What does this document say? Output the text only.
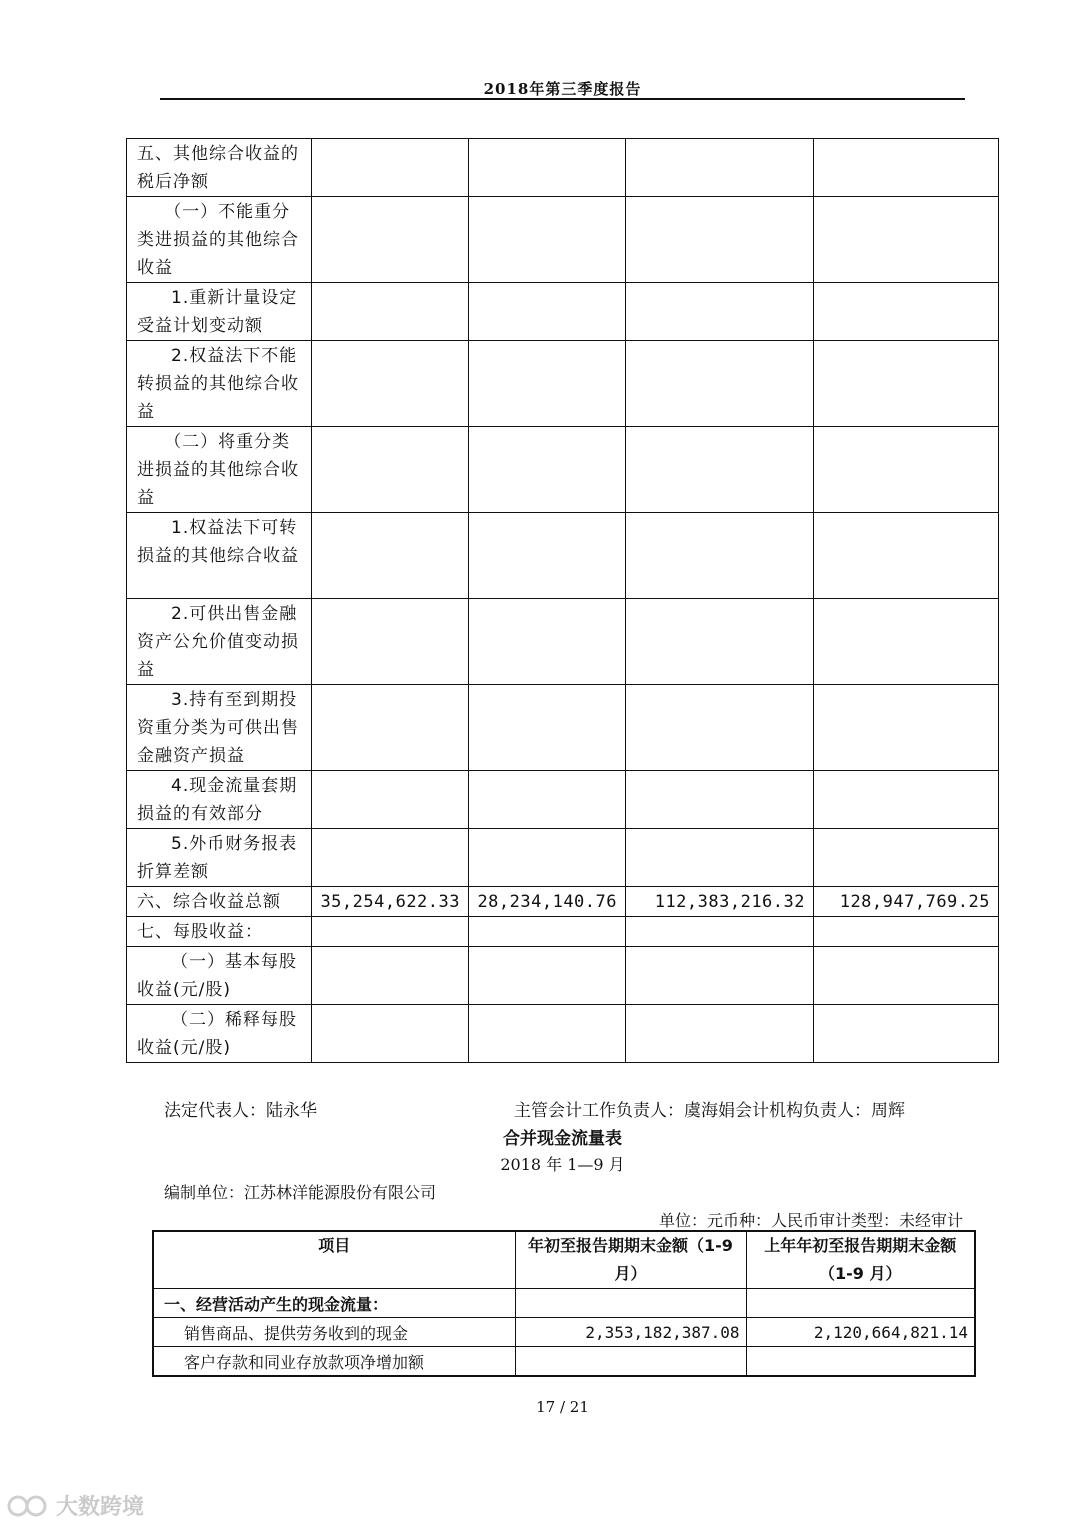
2018年第三季度报告
五、其他综合收益的税后净额				
（一）不能重分类进损益的其他综合收益				
1.重新计量设定受益计划变动额				
2.权益法下不能转损益的其他综合收益				
（二）将重分类进损益的其他综合收益				
1.权益法下可转损益的其他综合收益				
2.可供出售金融资产公允价值变动损益				
3.持有至到期投资重分类为可供出售金融资产损益				
4.现金流量套期损益的有效部分				
5.外币财务报表折算差额				
六、综合收益总额	35,254,622.33	28,234,140.76	112,383,216.32	128,947,769.25
七、每股收益：				
（一）基本每股收益(元/股)				
（二）稀释每股收益(元/股)				
法定代表人：陆永华	主管会计工作负责人：虞海娟会计机构负责人：周辉
合并现金流量表
2018 年 1—9 月
编制单位：江苏林洋能源股份有限公司
单位：元币种：人民币审计类型：未经审计
项目	年初至报告期期末金额（1-9 月）	上年年初至报告期期末金额（1-9 月）
一、经营活动产生的现金流量：		
销售商品、提供劳务收到的现金	2,353,182,387.08	2,120,664,821.14
客户存款和同业存放款项净增加额		
17 / 21
大数跨境
